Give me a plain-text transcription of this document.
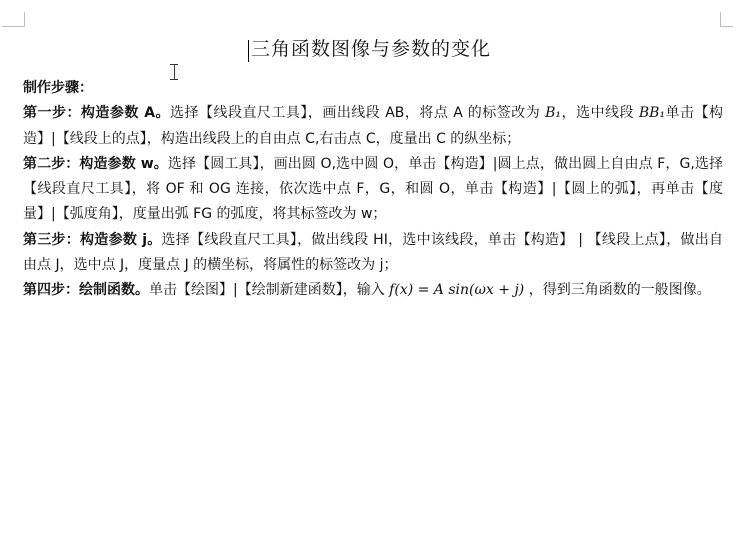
三角函数图像与参数的变化
制作步骤：
第一步：构造参数 A。选择【线段直尺工具】，画出线段 AB，将点 A 的标签改为 B₁，选中线段 BB₁单击【构造】|【线段上的点】，构造出线段上的自由点 C,右击点 C，度量出 C 的纵坐标；
第二步：构造参数 w。选择【圆工具】，画出圆 O,选中圆 O，单击【构造】|圆上点，做出圆上自由点 F，G,选择【线段直尺工具】，将 OF 和 OG 连接，依次选中点 F，G，和圆 O，单击【构造】|【圆上的弧】，再单击【度量】|【弧度角】，度量出弧 FG 的弧度，将其标签改为 w；
第三步：构造参数 j。选择【线段直尺工具】，做出线段 HI，选中该线段，单击【构造】 | 【线段上点】，做出自由点 J，选中点 J，度量点 J 的横坐标，将属性的标签改为 j；
第四步：绘制函数。单击【绘图】|【绘制新建函数】，输入 f(x) = A sin(ωx + j) ，得到三角函数的一般图像。
